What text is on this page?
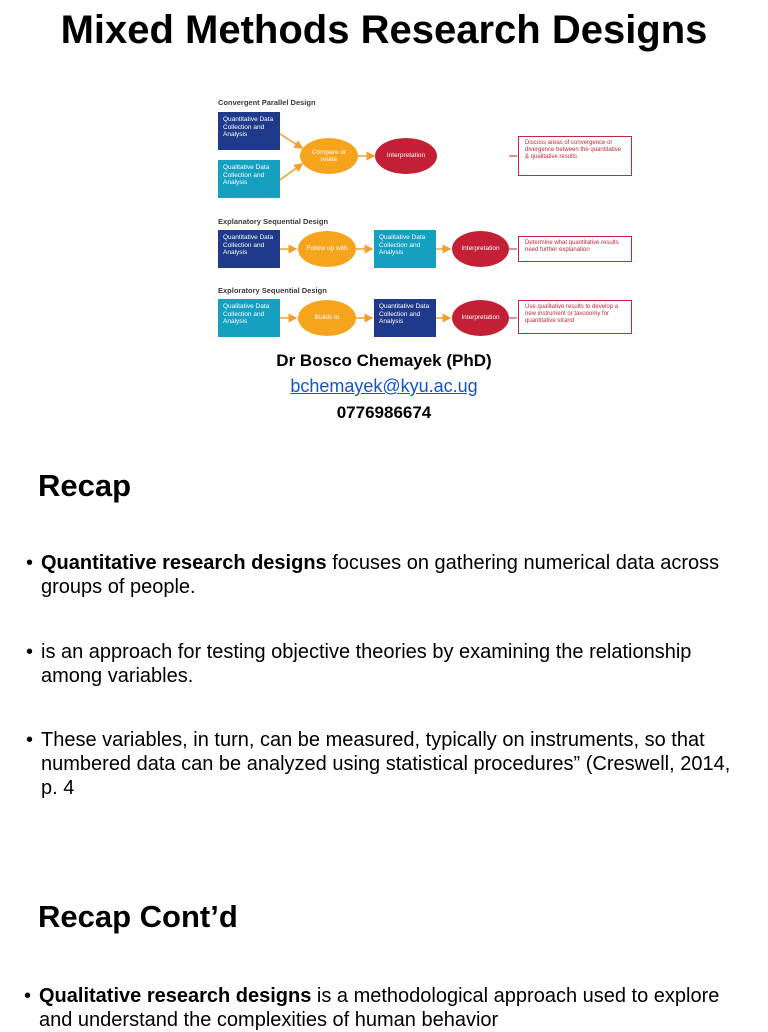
Mixed Methods Research Designs
Convergent Parallel Design
Quantitative Data Collection and Analysis
Qualitative Data Collection and Analysis
Compare or relate
Interpretation
Discuss areas of convergence or divergence between the quantitative & qualitative results
Explanatory Sequential Design
Quantitative Data Collection and Analysis
Follow up with
Qualitative Data Collection and Analysis
Interpretation
Determine what quantitative results need further explanation
Exploratory Sequential Design
Qualitative Data Collection and Analysis
Builds to
Quantitative Data Collection and Analysis
Interpretation
Use qualitative results to develop a new instrument or taxonomy for quantitative strand
Dr Bosco Chemayek (PhD)
bchemayek@kyu.ac.ug
0776986674
Recap
• Quantitative research designs focuses on gathering numerical data across groups of people.
• is an approach for testing objective theories by examining the relationship among variables.
• These variables, in turn, can be measured, typically on instruments, so that numbered data can be analyzed using statistical procedures” (Creswell, 2014, p. 4
Recap Cont’d
• Qualitative research designs is a methodological approach used to explore and understand the complexities of human behavior
